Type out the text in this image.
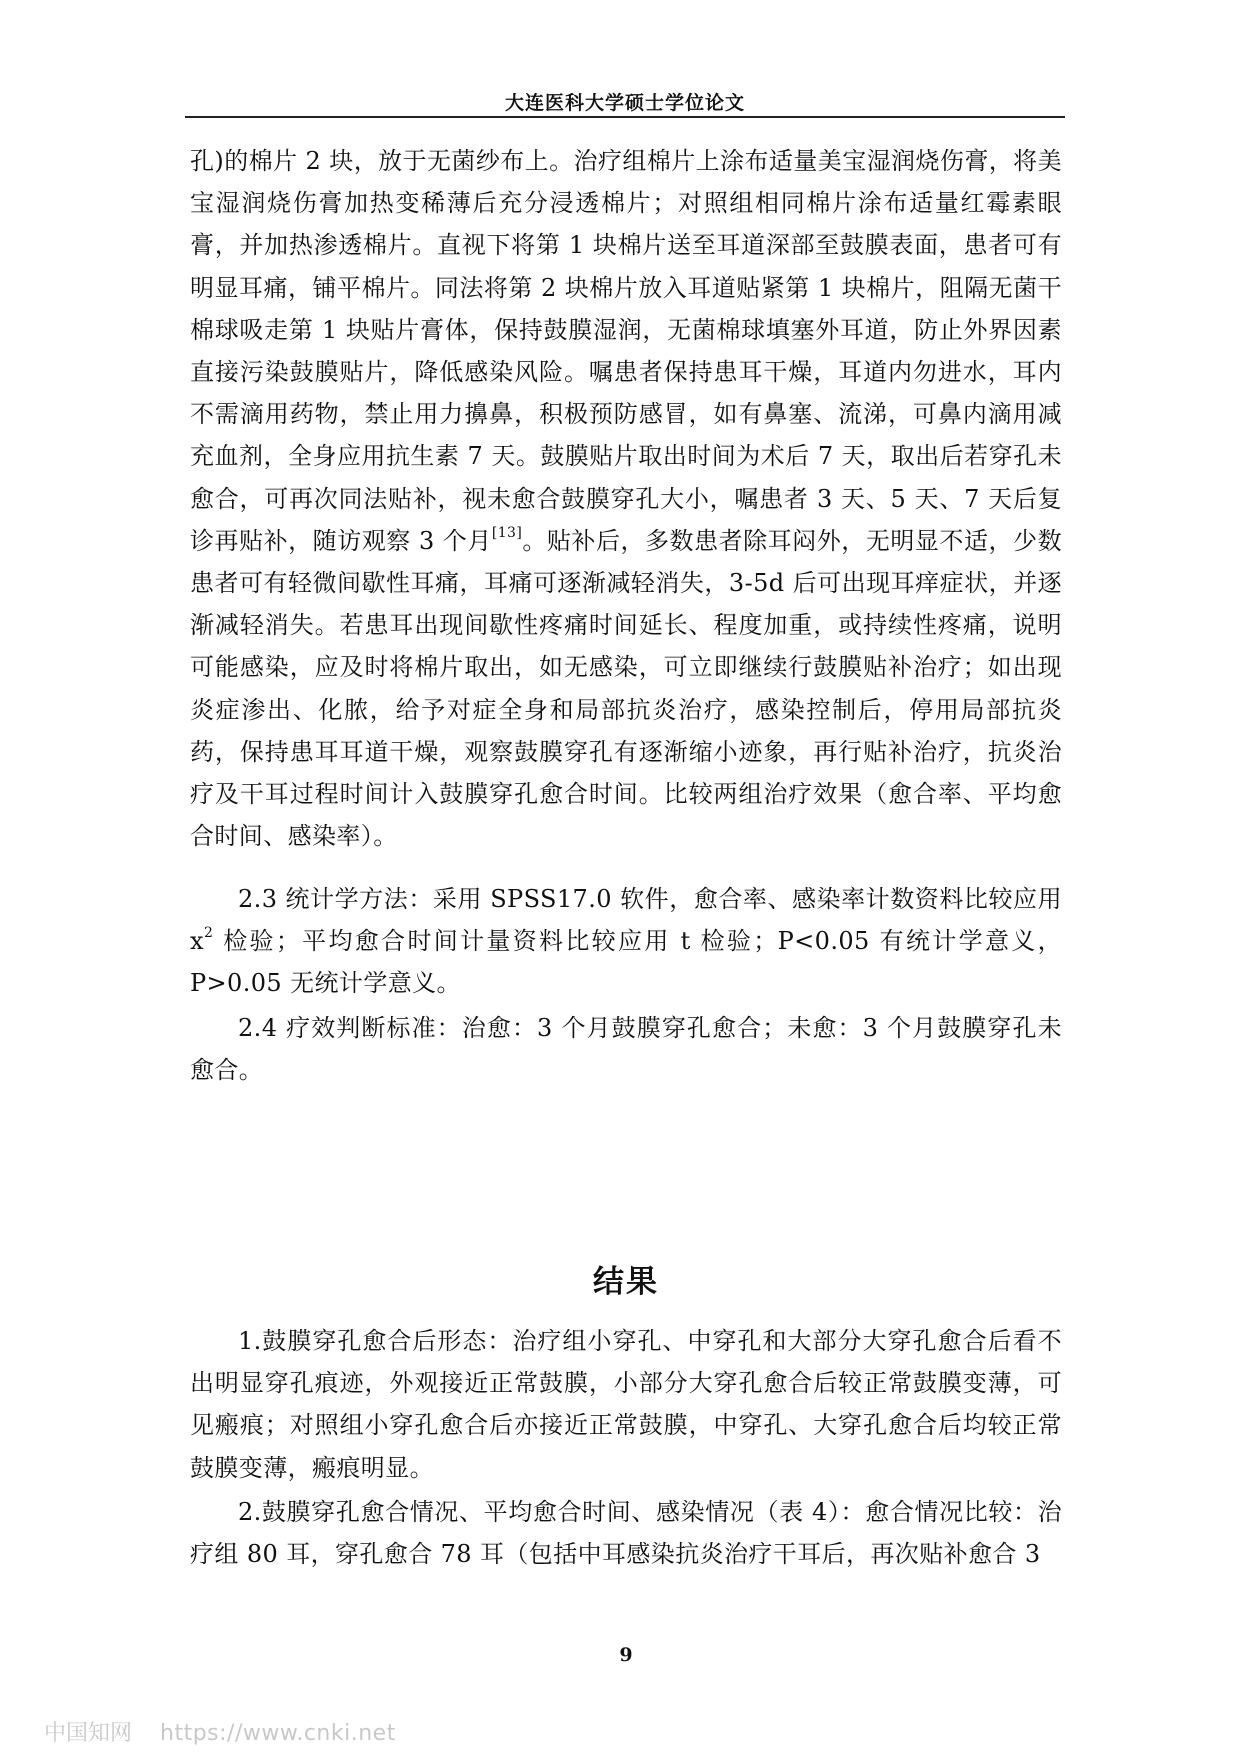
大连医科大学硕士学位论文

孔)的棉片 2 块，放于无菌纱布上。治疗组棉片上涂布适量美宝湿润烧伤膏，将美宝湿润烧伤膏加热变稀薄后充分浸透棉片；对照组相同棉片涂布适量红霉素眼膏，并加热渗透棉片。直视下将第 1 块棉片送至耳道深部至鼓膜表面，患者可有明显耳痛，铺平棉片。同法将第 2 块棉片放入耳道贴紧第 1 块棉片，阻隔无菌干棉球吸走第 1 块贴片膏体，保持鼓膜湿润，无菌棉球填塞外耳道，防止外界因素直接污染鼓膜贴片，降低感染风险。嘱患者保持患耳干燥，耳道内勿进水，耳内不需滴用药物，禁止用力擤鼻，积极预防感冒，如有鼻塞、流涕，可鼻内滴用减充血剂，全身应用抗生素 7 天。鼓膜贴片取出时间为术后 7 天，取出后若穿孔未愈合，可再次同法贴补，视未愈合鼓膜穿孔大小，嘱患者 3 天、5 天、7 天后复诊再贴补，随访观察 3 个月[13]。贴补后，多数患者除耳闷外，无明显不适，少数患者可有轻微间歇性耳痛，耳痛可逐渐减轻消失，3-5d 后可出现耳痒症状，并逐渐减轻消失。若患耳出现间歇性疼痛时间延长、程度加重，或持续性疼痛，说明可能感染，应及时将棉片取出，如无感染，可立即继续行鼓膜贴补治疗；如出现炎症渗出、化脓，给予对症全身和局部抗炎治疗，感染控制后，停用局部抗炎药，保持患耳耳道干燥，观察鼓膜穿孔有逐渐缩小迹象，再行贴补治疗，抗炎治疗及干耳过程时间计入鼓膜穿孔愈合时间。比较两组治疗效果（愈合率、平均愈合时间、感染率）。

2.3 统计学方法：采用 SPSS17.0 软件，愈合率、感染率计数资料比较应用 $x^2$ 检验；平均愈合时间计量资料比较应用 t 检验；P<0.05 有统计学意义，P>0.05 无统计学意义。

2.4 疗效判断标准：治愈：3 个月鼓膜穿孔愈合；未愈：3 个月鼓膜穿孔未愈合。

结果

1.鼓膜穿孔愈合后形态：治疗组小穿孔、中穿孔和大部分大穿孔愈合后看不出明显穿孔痕迹，外观接近正常鼓膜，小部分大穿孔愈合后较正常鼓膜变薄，可见瘢痕；对照组小穿孔愈合后亦接近正常鼓膜，中穿孔、大穿孔愈合后均较正常鼓膜变薄，瘢痕明显。

2.鼓膜穿孔愈合情况、平均愈合时间、感染情况（表 4）：愈合情况比较：治疗组 80 耳，穿孔愈合 78 耳（包括中耳感染抗炎治疗干耳后，再次贴补愈合 3

9
中国知网 https://www.cnki.net
